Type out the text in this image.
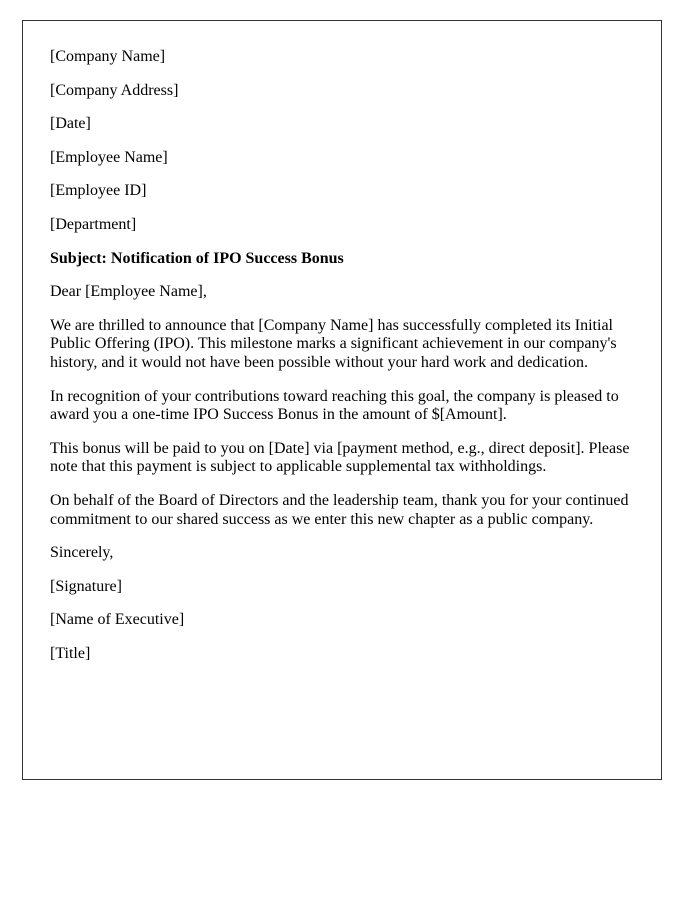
[Company Name]

[Company Address]

[Date]

[Employee Name]

[Employee ID]

[Department]

Subject: Notification of IPO Success Bonus

Dear [Employee Name],

We are thrilled to announce that [Company Name] has successfully completed its Initial Public Offering (IPO). This milestone marks a significant achievement in our company's history, and it would not have been possible without your hard work and dedication.

In recognition of your contributions toward reaching this goal, the company is pleased to award you a one-time IPO Success Bonus in the amount of $[Amount].

This bonus will be paid to you on [Date] via [payment method, e.g., direct deposit]. Please note that this payment is subject to applicable supplemental tax withholdings.

On behalf of the Board of Directors and the leadership team, thank you for your continued commitment to our shared success as we enter this new chapter as a public company.

Sincerely,

[Signature]

[Name of Executive]

[Title]
